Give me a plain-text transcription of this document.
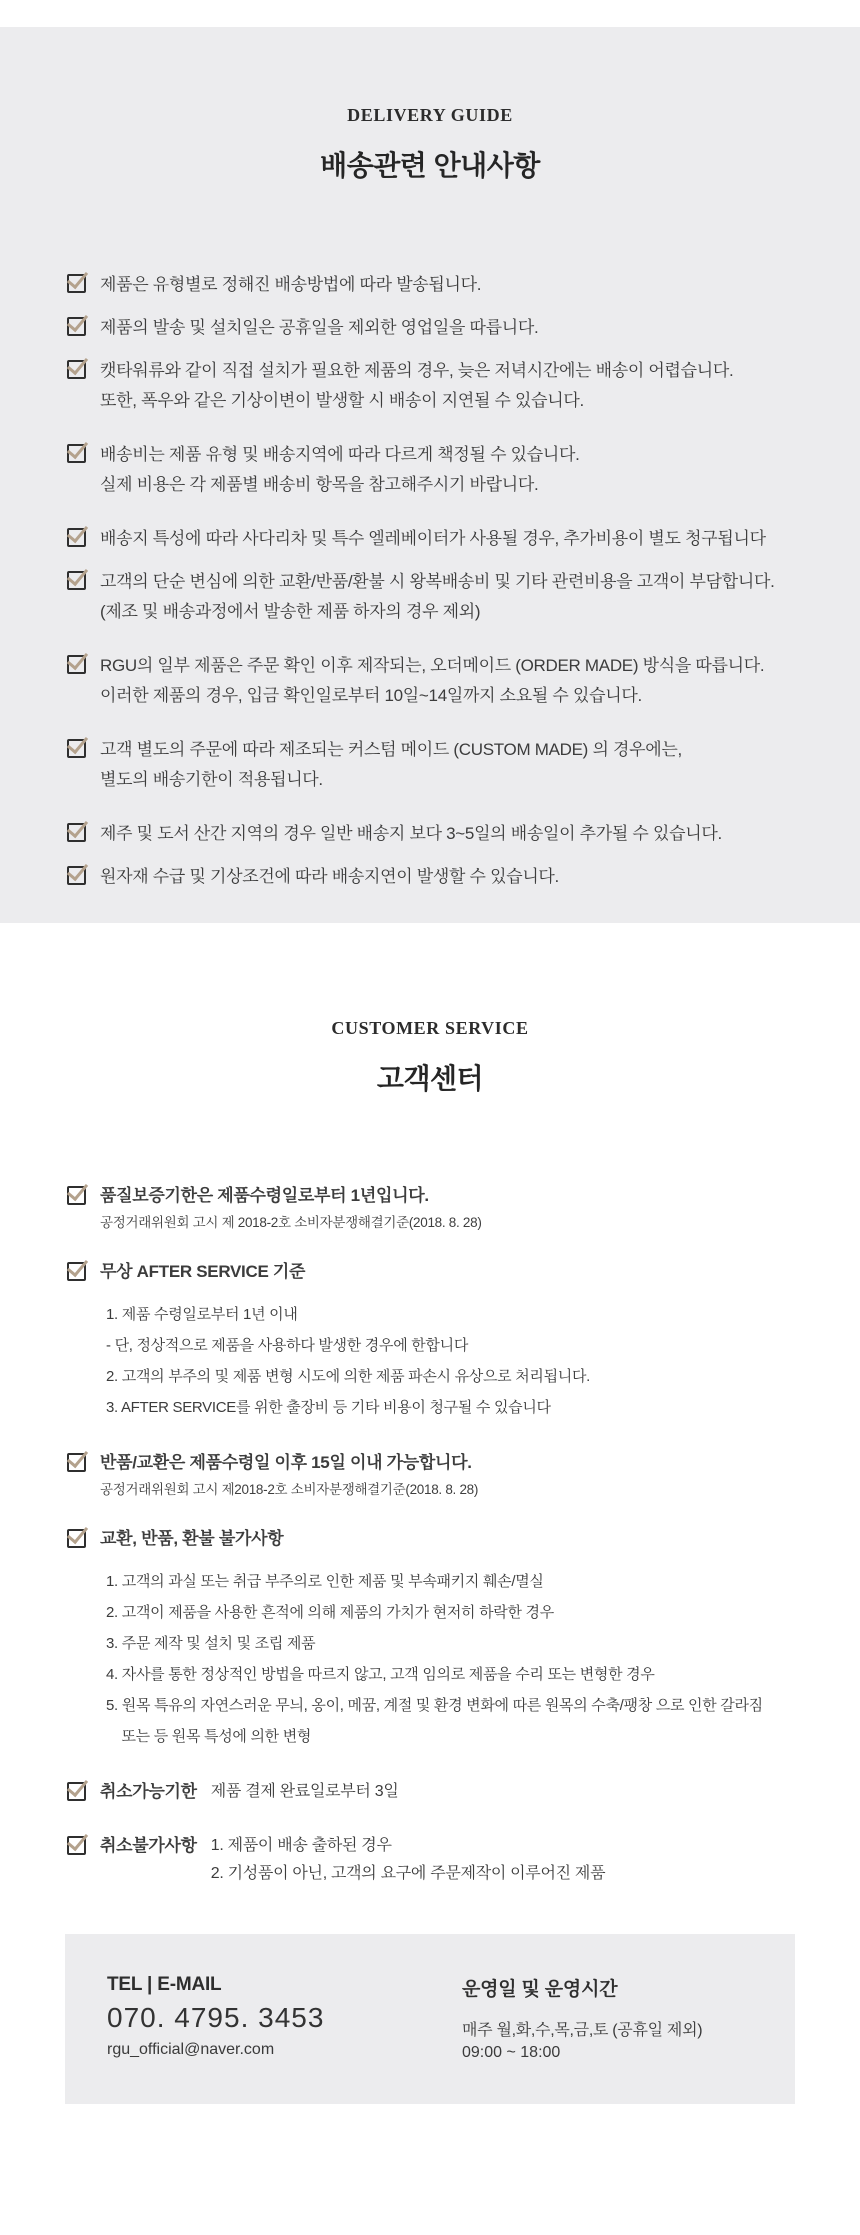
DELIVERY GUIDE
배송관련 안내사항
제품은 유형별로 정해진 배송방법에 따라 발송됩니다.
제품의 발송 및 설치일은 공휴일을 제외한 영업일을 따릅니다.
캣타워류와 같이 직접 설치가 필요한 제품의 경우, 늦은 저녁시간에는 배송이 어렵습니다.
또한, 폭우와 같은 기상이변이 발생할 시 배송이 지연될 수 있습니다.
배송비는 제품 유형 및 배송지역에 따라 다르게 책정될 수 있습니다.
실제 비용은 각 제품별 배송비 항목을 참고해주시기 바랍니다.
배송지 특성에 따라 사다리차 및 특수 엘레베이터가 사용될 경우, 추가비용이 별도 청구됩니다
고객의 단순 변심에 의한 교환/반품/환불 시 왕복배송비 및 기타 관련비용을 고객이 부담합니다.
(제조 및 배송과정에서 발송한 제품 하자의 경우 제외)
RGU의 일부 제품은 주문 확인 이후 제작되는, 오더메이드 (ORDER MADE) 방식을 따릅니다.
이러한 제품의 경우, 입금 확인일로부터 10일~14일까지 소요될 수 있습니다.
고객 별도의 주문에 따라 제조되는 커스텀 메이드 (CUSTOM MADE) 의 경우에는,
별도의 배송기한이 적용됩니다.
제주 및 도서 산간 지역의 경우 일반 배송지 보다 3~5일의 배송일이 추가될 수 있습니다.
원자재 수급 및 기상조건에 따라 배송지연이 발생할 수 있습니다.
CUSTOMER SERVICE
고객센터
품질보증기한은 제품수령일로부터 1년입니다.
공정거래위원회 고시 제 2018-2호 소비자분쟁해결기준(2018. 8. 28)
무상 AFTER SERVICE 기준
1. 제품 수령일로부터 1년 이내
- 단, 정상적으로 제품을 사용하다 발생한 경우에 한합니다
2. 고객의 부주의 및 제품 변형 시도에 의한 제품 파손시 유상으로 처리됩니다.
3. AFTER SERVICE를 위한 출장비 등 기타 비용이 청구될 수 있습니다
반품/교환은 제품수령일 이후 15일 이내 가능합니다.
공정거래위원회 고시 제2018-2호 소비자분쟁해결기준(2018. 8. 28)
교환, 반품, 환불 불가사항
1. 고객의 과실 또는 취급 부주의로 인한 제품 및 부속패키지 훼손/멸실
2. 고객이 제품을 사용한 흔적에 의해 제품의 가치가 현저히 하락한 경우
3. 주문 제작 및 설치 및 조립 제품
4. 자사를 통한 정상적인 방법을 따르지 않고, 고객 임의로 제품을 수리 또는 변형한 경우
5. 원목 특유의 자연스러운 무늬, 옹이, 메꿈, 계절 및 환경 변화에 따른 원목의 수축/팽창 으로 인한 갈라짐
또는 등 원목 특성에 의한 변형
취소가능기한 제품 결제 완료일로부터 3일
취소불가사항 1. 제품이 배송 출하된 경우
2. 기성품이 아닌, 고객의 요구에 주문제작이 이루어진 제품
TEL | E-MAIL
070. 4795. 3453
rgu_official@naver.com
운영일 및 운영시간
매주 월,화,수,목,금,토 (공휴일 제외)
09:00 ~ 18:00
